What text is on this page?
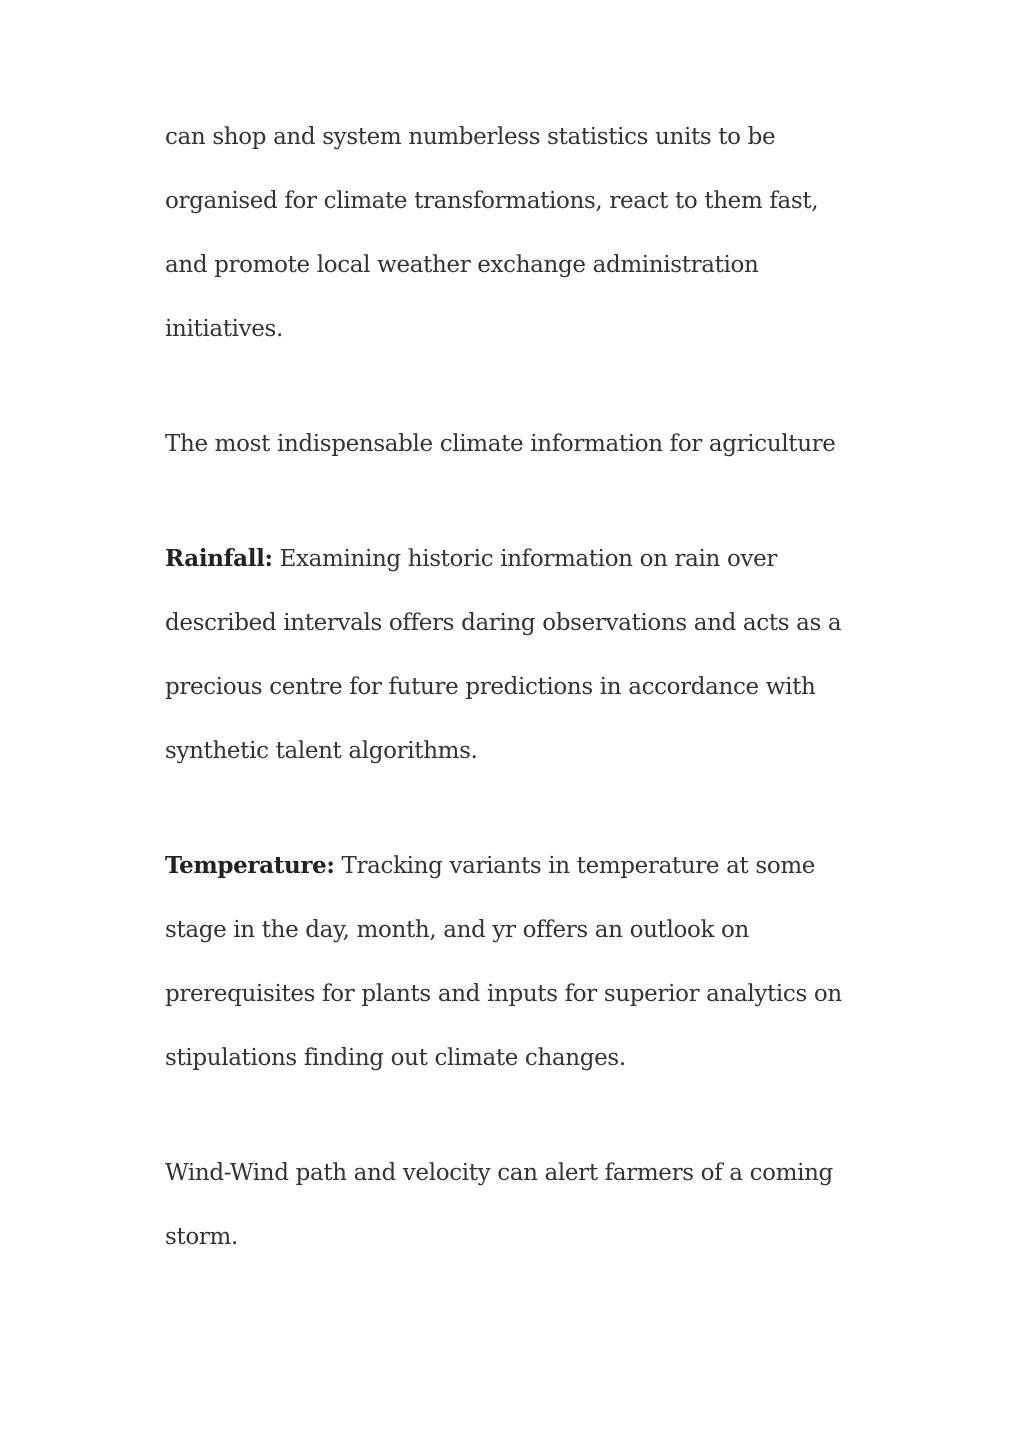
can shop and system numberless statistics units to be organised for climate transformations, react to them fast, and promote local weather exchange administration initiatives.

The most indispensable climate information for agriculture

Rainfall: Examining historic information on rain over described intervals offers daring observations and acts as a precious centre for future predictions in accordance with synthetic talent algorithms.

Temperature: Tracking variants in temperature at some stage in the day, month, and yr offers an outlook on prerequisites for plants and inputs for superior analytics on stipulations finding out climate changes.

Wind-Wind path and velocity can alert farmers of a coming storm.
